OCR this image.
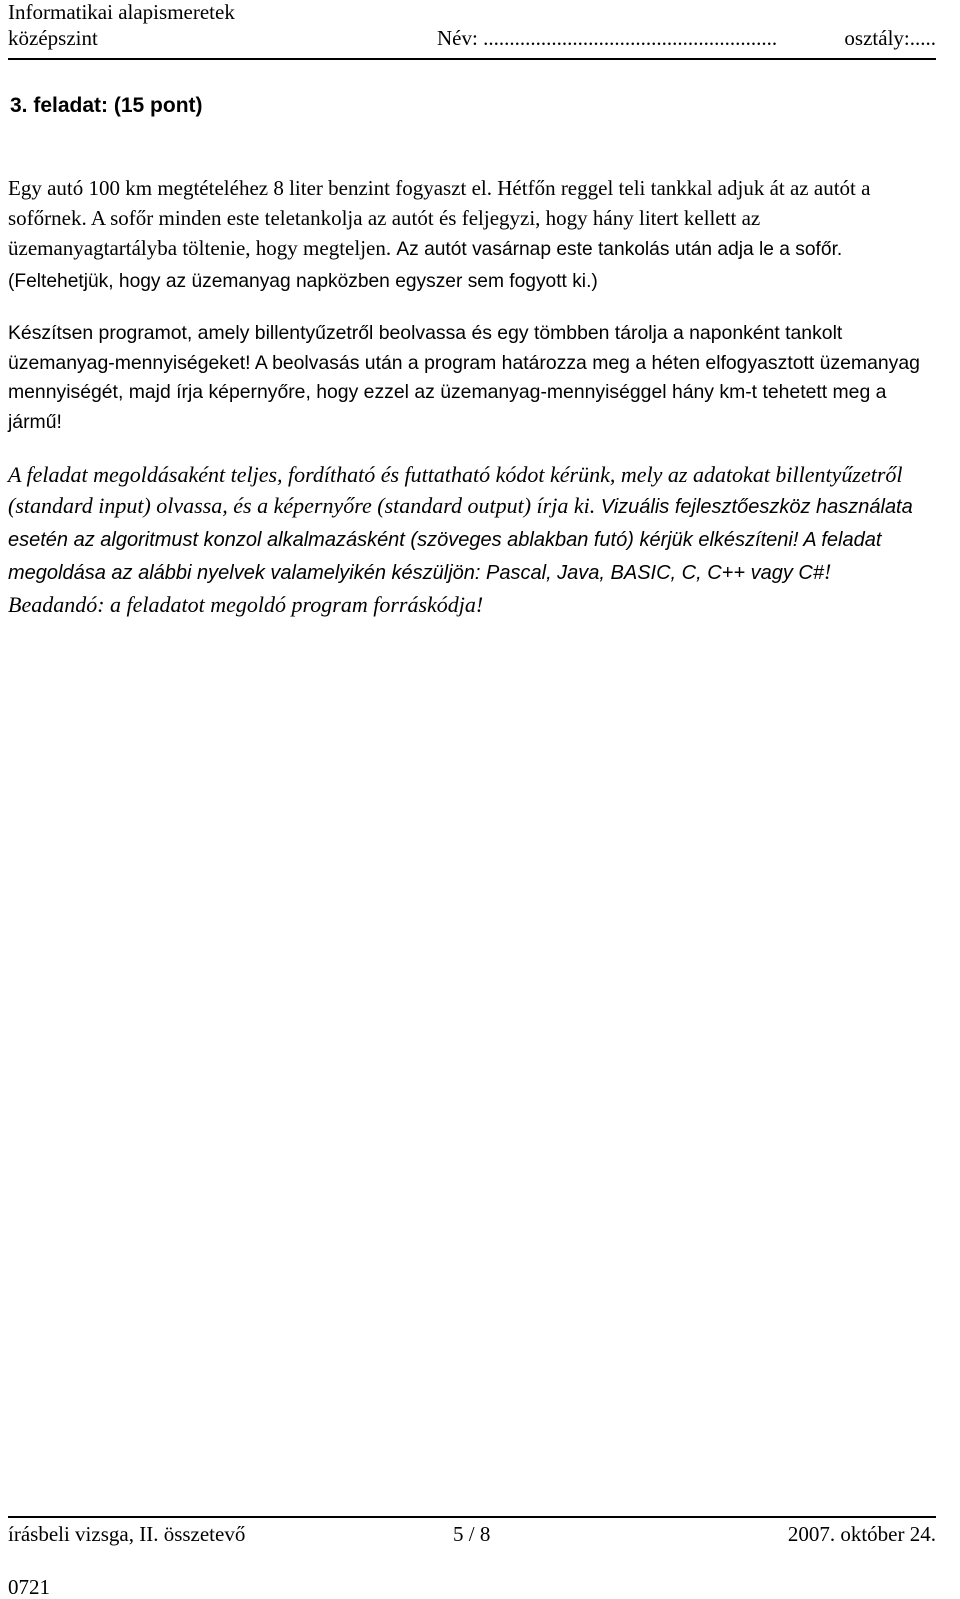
Informatikai alapismeretek
középszint	Név: ........................................................	osztály:.....
3. feladat: (15 pont)

Egy autó 100 km megtételéhez 8 liter benzint fogyaszt el. Hétfőn reggel teli tankkal adjuk át az autót a sofőrnek. A sofőr minden este teletankolja az autót és feljegyzi, hogy hány litert kellett az üzemanyagtartályba töltenie, hogy megteljen. Az autót vasárnap este tankolás után adja le a sofőr. (Feltehetjük, hogy az üzemanyag napközben egyszer sem fogyott ki.)

Készítsen programot, amely billentyűzetről beolvassa és egy tömbben tárolja a naponként tankolt üzemanyag-mennyiségeket! A beolvasás után a program határozza meg a héten elfogyasztott üzemanyag mennyiségét, majd írja képernyőre, hogy ezzel az üzemanyag-mennyiséggel hány km-t tehetett meg a jármű!

A feladat megoldásaként teljes, fordítható és futtatható kódot kérünk, mely az adatokat billentyűzetről (standard input) olvassa, és a képernyőre (standard output) írja ki. Vizuális fejlesztőeszköz használata esetén az algoritmust konzol alkalmazásként (szöveges ablakban futó) kérjük elkészíteni! A feladat megoldása az alábbi nyelvek valamelyikén készüljön: Pascal, Java, BASIC, C, C++ vagy C#! Beadandó: a feladatot megoldó program forráskódja!

írásbeli vizsga, II. összetevő	5 / 8	2007. október 24.
0721
